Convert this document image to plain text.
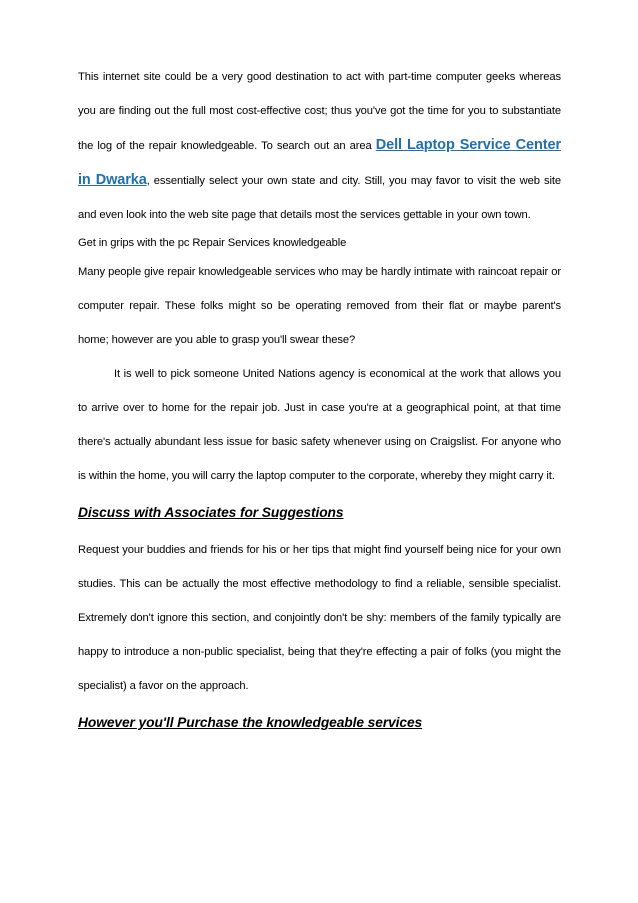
This internet site could be a very good destination to act with part-time computer geeks whereas you are finding out the full most cost-effective cost; thus you've got the time for you to substantiate the log of the repair knowledgeable. To search out an area Dell Laptop Service Center in Dwarka, essentially select your own state and city. Still, you may favor to visit the web site and even look into the web site page that details most the services gettable in your own town.

Get in grips with the pc Repair Services knowledgeable

Many people give repair knowledgeable services who may be hardly intimate with raincoat repair or computer repair. These folks might so be operating removed from their flat or maybe parent's home; however are you able to grasp you'll swear these?

It is well to pick someone United Nations agency is economical at the work that allows you to arrive over to home for the repair job. Just in case you're at a geographical point, at that time there's actually abundant less issue for basic safety whenever using on Craigslist. For anyone who is within the home, you will carry the laptop computer to the corporate, whereby they might carry it.

Discuss with Associates for Suggestions

Request your buddies and friends for his or her tips that might find yourself being nice for your own studies. This can be actually the most effective methodology to find a reliable, sensible specialist. Extremely don't ignore this section, and conjointly don't be shy: members of the family typically are happy to introduce a non-public specialist, being that they're effecting a pair of folks (you might the specialist) a favor on the approach.

However you'll Purchase the knowledgeable services
